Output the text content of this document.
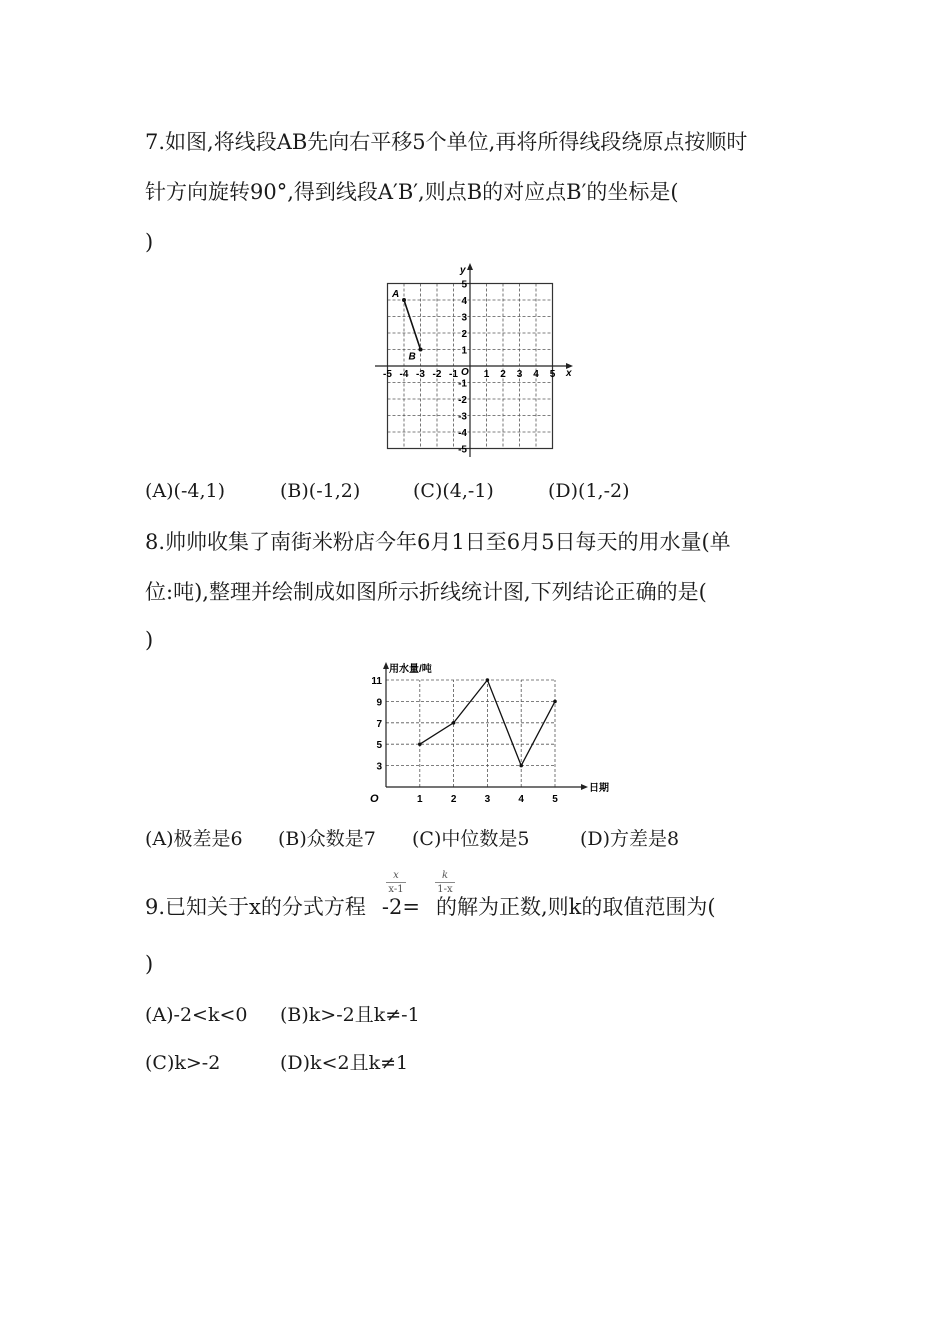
7.如图,将线段AB先向右平移5个单位,再将所得线段绕原点按顺时
针方向旋转90°,得到线段A′B′,则点B的对应点B′的坐标是(
)
x
y
O
-5 -4 -3 -2 -1	1 2 3 4 5
5
4
3
2
1
-1
-2
-3
-4
-5
A
B
(A)(-4,1)	(B)(-1,2)	(C)(4,-1)	(D)(1,-2)
8.帅帅收集了南街米粉店今年6月1日至6月5日每天的用水量(单
位:吨),整理并绘制成如图所示折线统计图,下列结论正确的是(
)
用水量/吨
日期
O	1	2	3	4	5
3
5
7
9
11
(A)极差是6 (B)众数是7 (C)中位数是5	(D)方差是8
9.已知关于x的分式方程 -2= 的解为正数,则k的取值范围为(
x
x-1
k
1-x
)
(A)-2<k<0 (B)k>-2且k≠-1
(C)k>-2	(D)k<2且k≠1
